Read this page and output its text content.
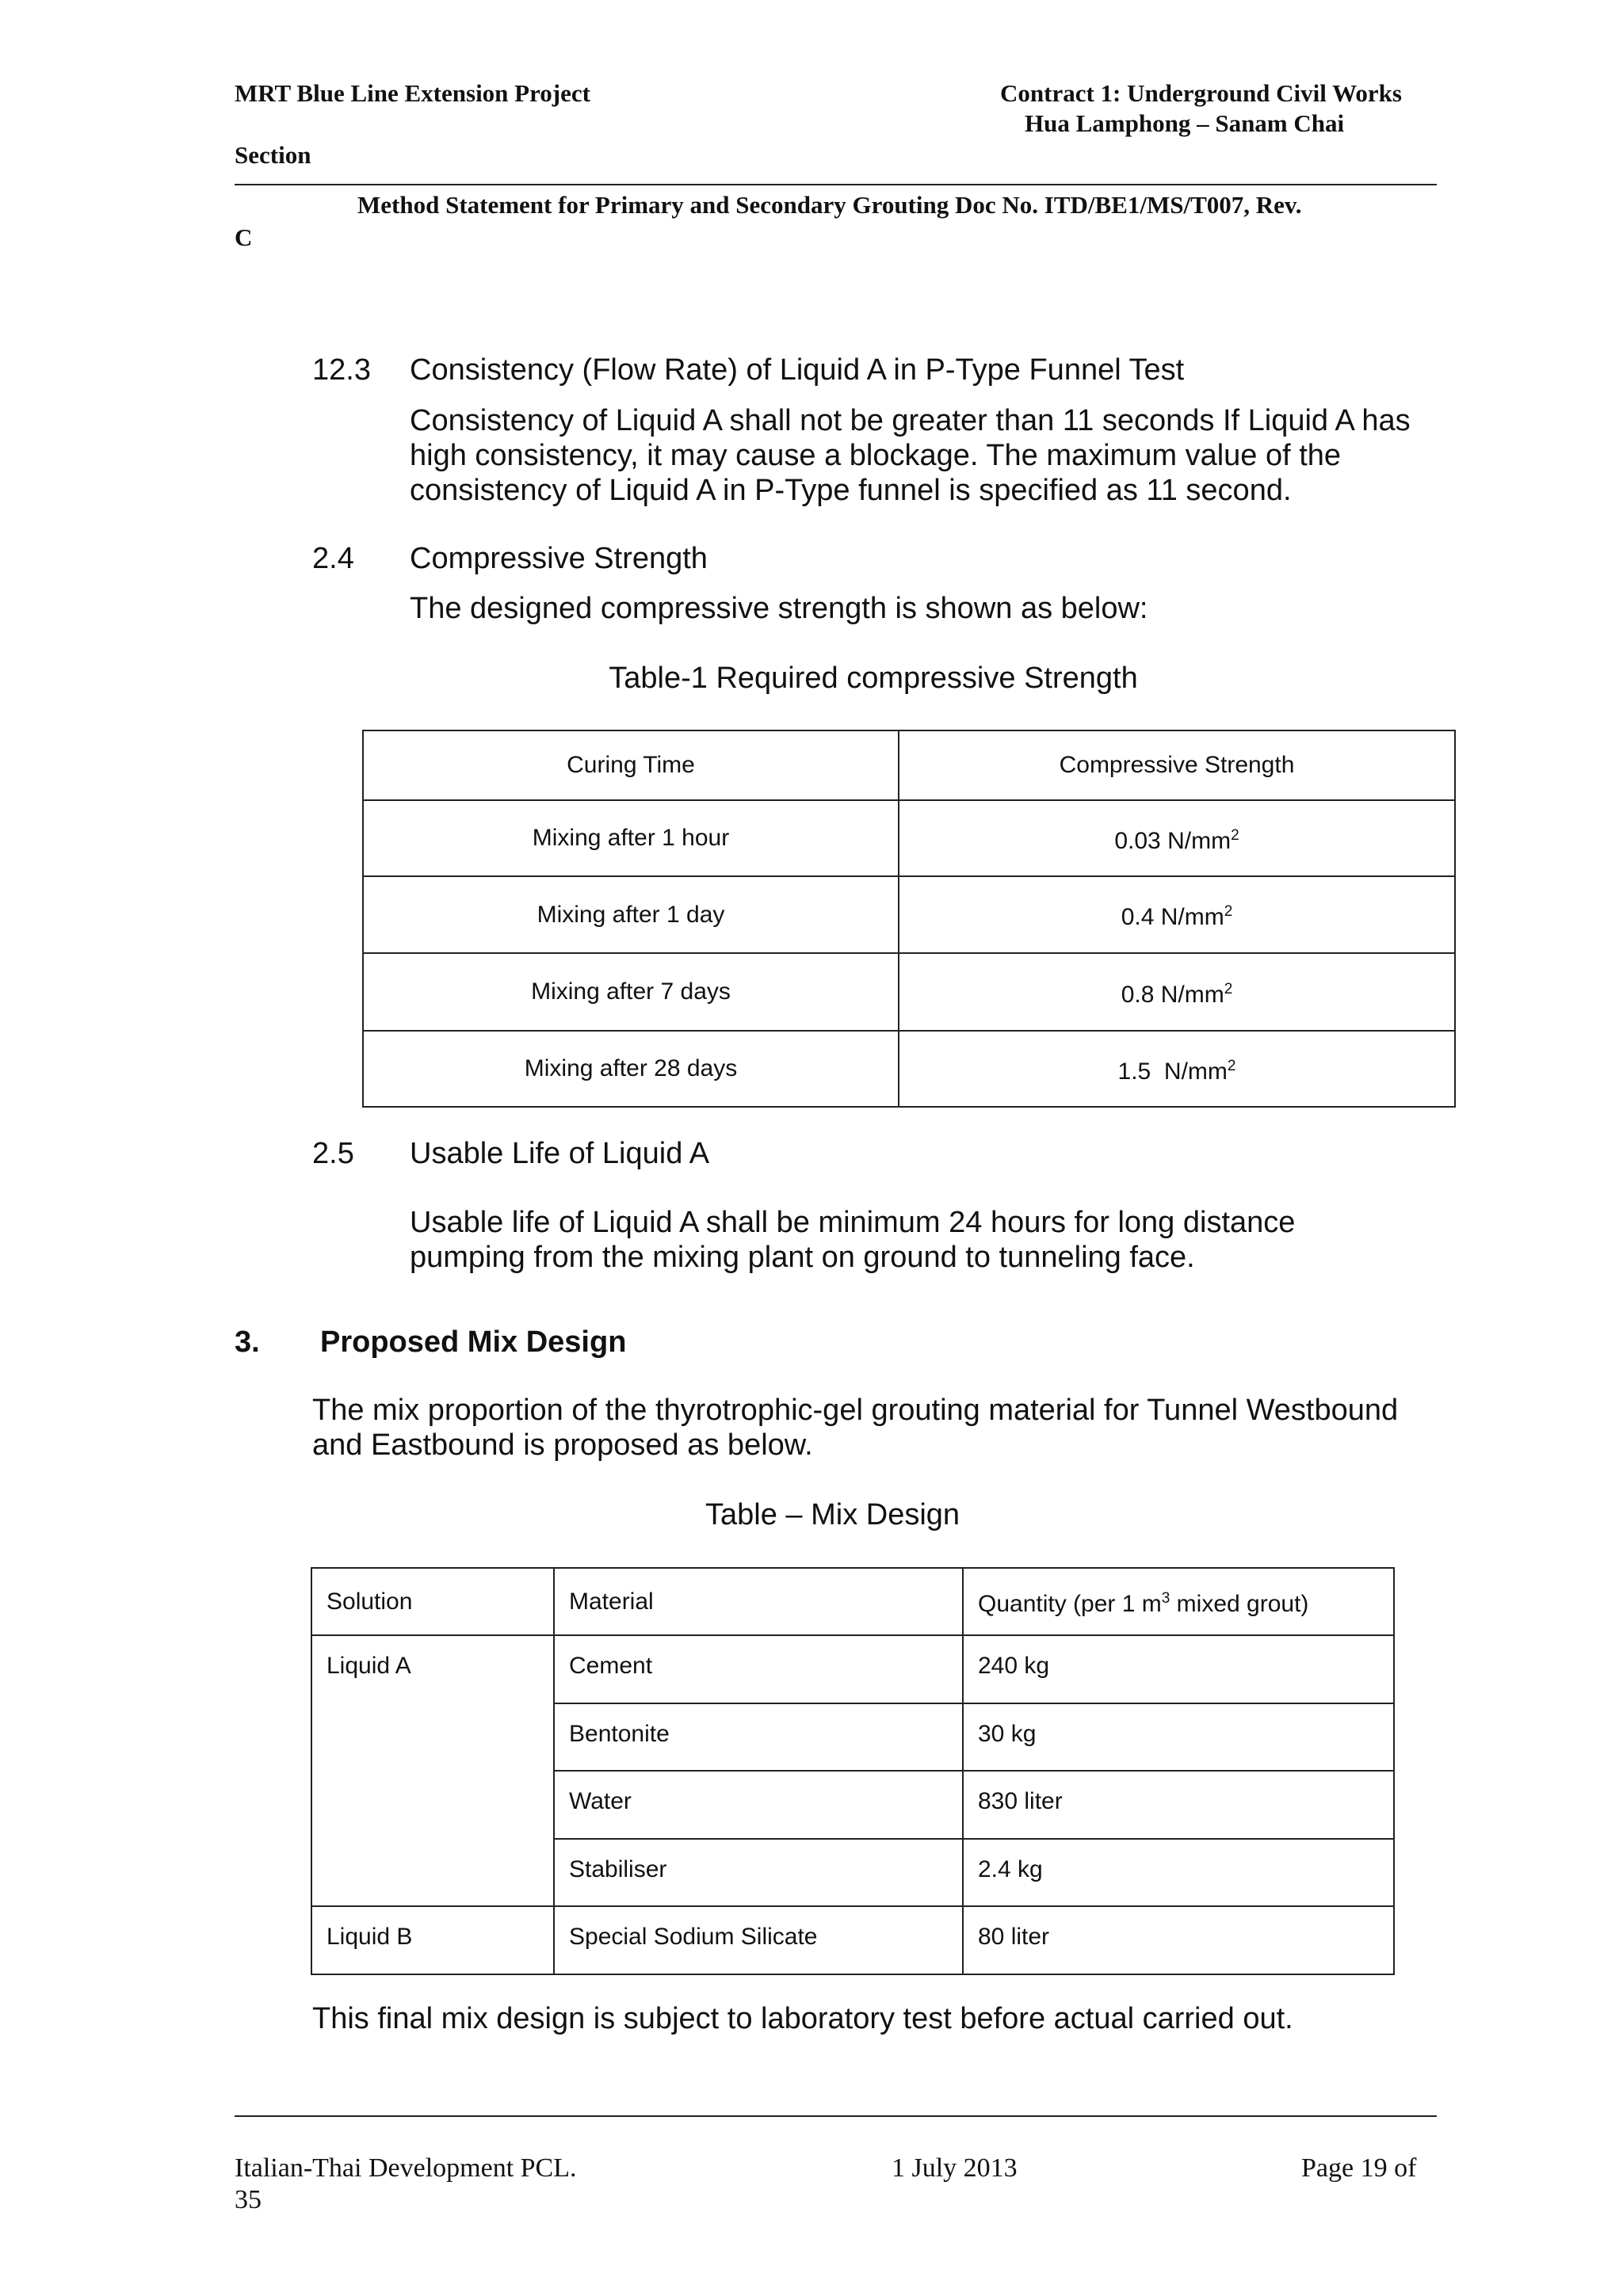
MRT Blue Line Extension Project	Contract 1: Underground Civil Works
Hua Lamphong – Sanam Chai
Section
Method Statement for Primary and Secondary Grouting Doc No. ITD/BE1/MS/T007, Rev.
C
12.3 Consistency (Flow Rate) of Liquid A in P-Type Funnel Test
Consistency of Liquid A shall not be greater than 11 seconds If Liquid A has
high consistency, it may cause a blockage. The maximum value of the
consistency of Liquid A in P-Type funnel is specified as 11 second.
2.4 Compressive Strength
The designed compressive strength is shown as below:
Table-1 Required compressive Strength
Curing Time	Compressive Strength
Mixing after 1 hour	0.03 $N/mm^2$
Mixing after 1 day	0.4 $N/mm^2$
Mixing after 7 days	0.8 $N/mm^2$
Mixing after 28 days	1.5  $N/mm^2$
2.5 Usable Life of Liquid A
Usable life of Liquid A shall be minimum 24 hours for long distance
pumping from the mixing plant on ground to tunneling face.
3. Proposed Mix Design
The mix proportion of the thyrotrophic-gel grouting material for Tunnel Westbound
and Eastbound is proposed as below.
Table – Mix Design
Solution	Material	Quantity (per 1 $m^3$ mixed grout)
Liquid A	Cement	240 kg
	Bentonite	30 kg
	Water	830 liter
	Stabiliser	2.4 kg
Liquid B	Special Sodium Silicate	80 liter
This final mix design is subject to laboratory test before actual carried out.
Italian-Thai Development PCL.	1 July 2013	Page 19 of
35
